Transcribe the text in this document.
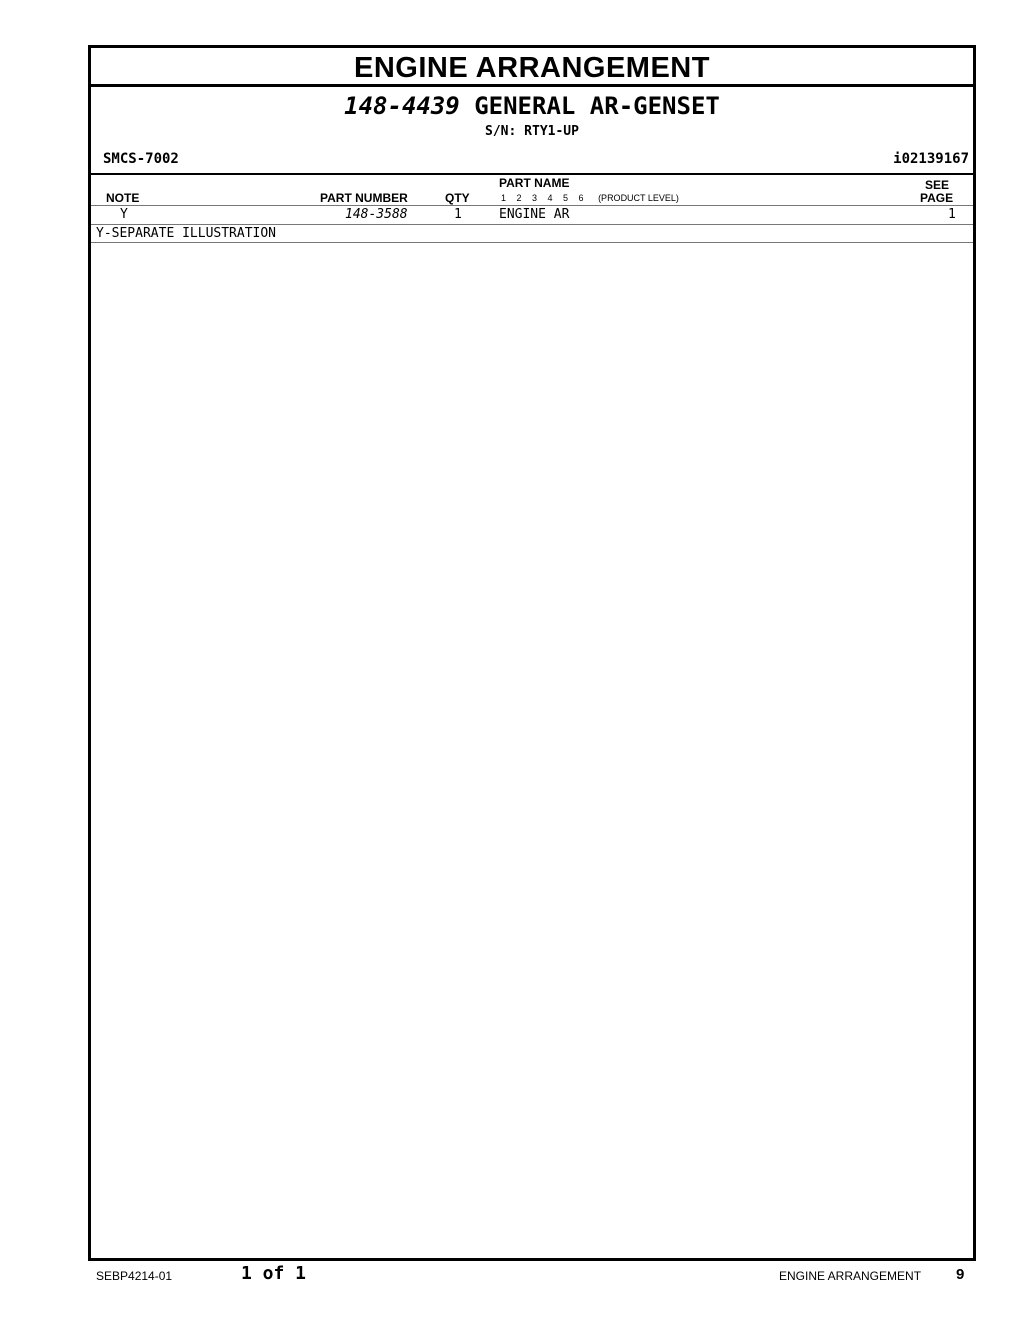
ENGINE ARRANGEMENT
148-4439 GENERAL AR-GENSET
S/N: RTY1-UP
SMCS-7002	i02139167
PART NAME	SEE
NOTE	PART NUMBER	QTY	1 2 3 4 5 6 (PRODUCT LEVEL)	PAGE
Y	148-3588	1	ENGINE AR	1
Y-SEPARATE ILLUSTRATION
SEBP4214-01	1 of 1	ENGINE ARRANGEMENT 9
